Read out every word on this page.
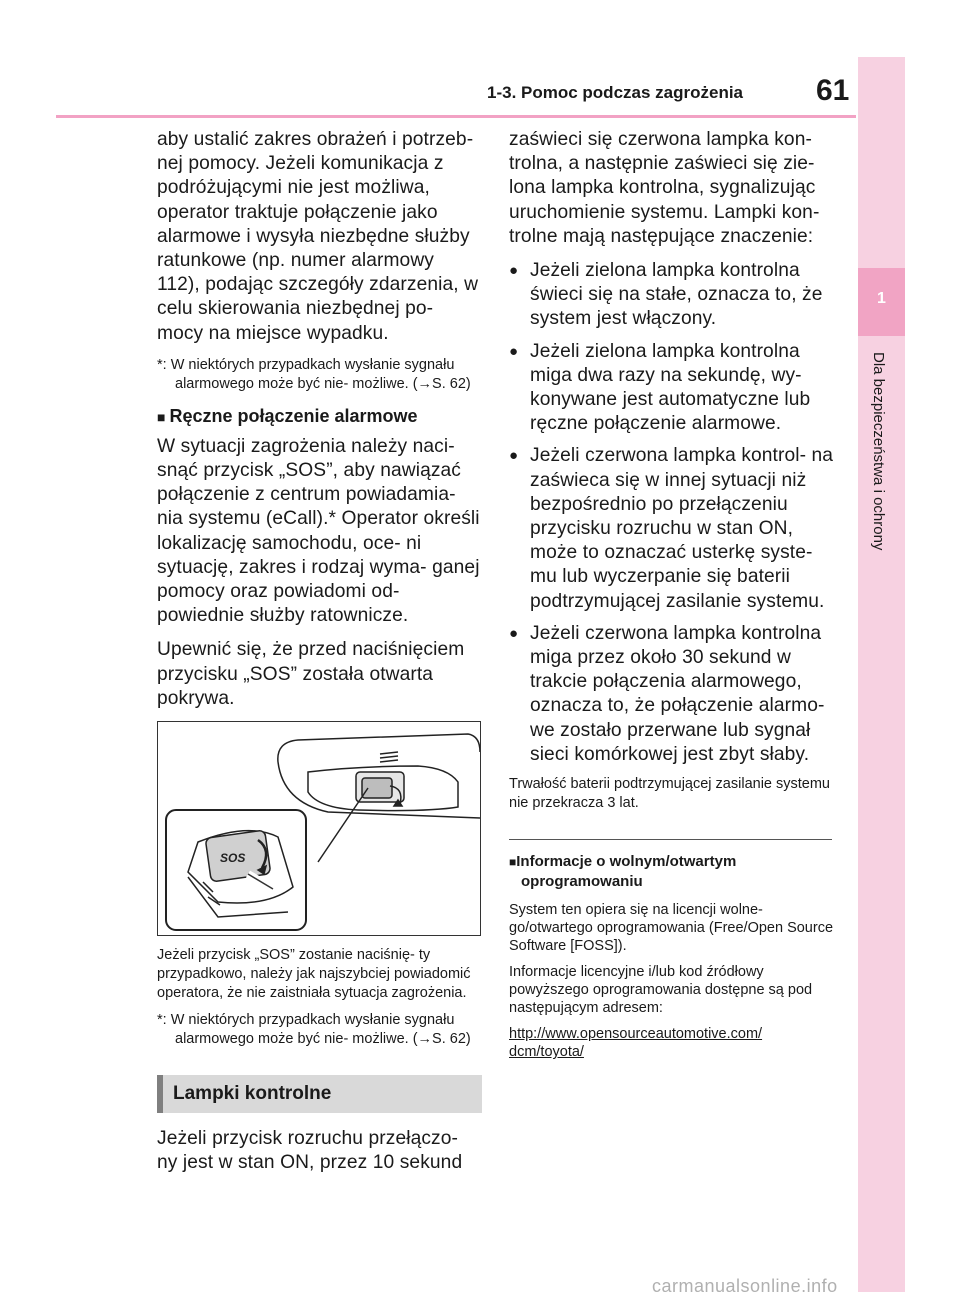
1-3. Pomoc podczas zagrożenia 61
1
Dla bezpieczeństwa i ochrony

aby ustalić zakres obrażeń i potrzeb- nej pomocy. Jeżeli komunikacja z podróżującymi nie jest możliwa, operator traktuje połączenie jako alarmowe i wysyła niezbędne służby ratunkowe (np. numer alarmowy 112), podając szczegóły zdarzenia, w celu skierowania niezbędnej po- mocy na miejsce wypadku.

*: W niektórych przypadkach wysłanie sygnału alarmowego może być nie- możliwe. (→S. 62)

■ Ręczne połączenie alarmowe

W sytuacji zagrożenia należy naci- snąć przycisk „SOS”, aby nawiązać połączenie z centrum powiadamia- nia systemu (eCall).* Operator określi lokalizację samochodu, oce- ni sytuację, zakres i rodzaj wyma- ganej pomocy oraz powiadomi od- powiednie służby ratownicze.

Upewnić się, że przed naciśnięciem przycisku „SOS” została otwarta pokrywa.

SOS

Jeżeli przycisk „SOS” zostanie naciśnię- ty przypadkowo, należy jak najszybciej powiadomić operatora, że nie zaistniała sytuacja zagrożenia.

*: W niektórych przypadkach wysłanie sygnału alarmowego może być nie- możliwe. (→S. 62)

Lampki kontrolne

Jeżeli przycisk rozruchu przełączo- ny jest w stan ON, przez 10 sekund

zaświeci się czerwona lampka kon- trolna, a następnie zaświeci się zie- lona lampka kontrolna, sygnalizując uruchomienie systemu. Lampki kon- trolne mają następujące znaczenie:

● Jeżeli zielona lampka kontrolna świeci się na stałe, oznacza to, że system jest włączony.

● Jeżeli zielona lampka kontrolna miga dwa razy na sekundę, wy- konywane jest automatyczne lub ręczne połączenie alarmowe.

● Jeżeli czerwona lampka kontrol- na zaświeca się w innej sytuacji niż bezpośrednio po przełączeniu przycisku rozruchu w stan ON, może to oznaczać usterkę syste- mu lub wyczerpanie się baterii podtrzymującej zasilanie systemu.

● Jeżeli czerwona lampka kontrolna miga przez około 30 sekund w trakcie połączenia alarmowego, oznacza to, że połączenie alarmo- we zostało przerwane lub sygnał sieci komórkowej jest zbyt słaby.

Trwałość baterii podtrzymującej zasilanie systemu nie przekracza 3 lat.

■Informacje o wolnym/otwartym oprogramowaniu

System ten opiera się na licencji wolne- go/otwartego oprogramowania (Free/Open Source Software [FOSS]).

Informacje licencyjne i/lub kod źródłowy powyższego oprogramowania dostępne są pod następującym adresem:

http://www.opensourceautomotive.com/ dcm/toyota/
carmanualsonline.info
